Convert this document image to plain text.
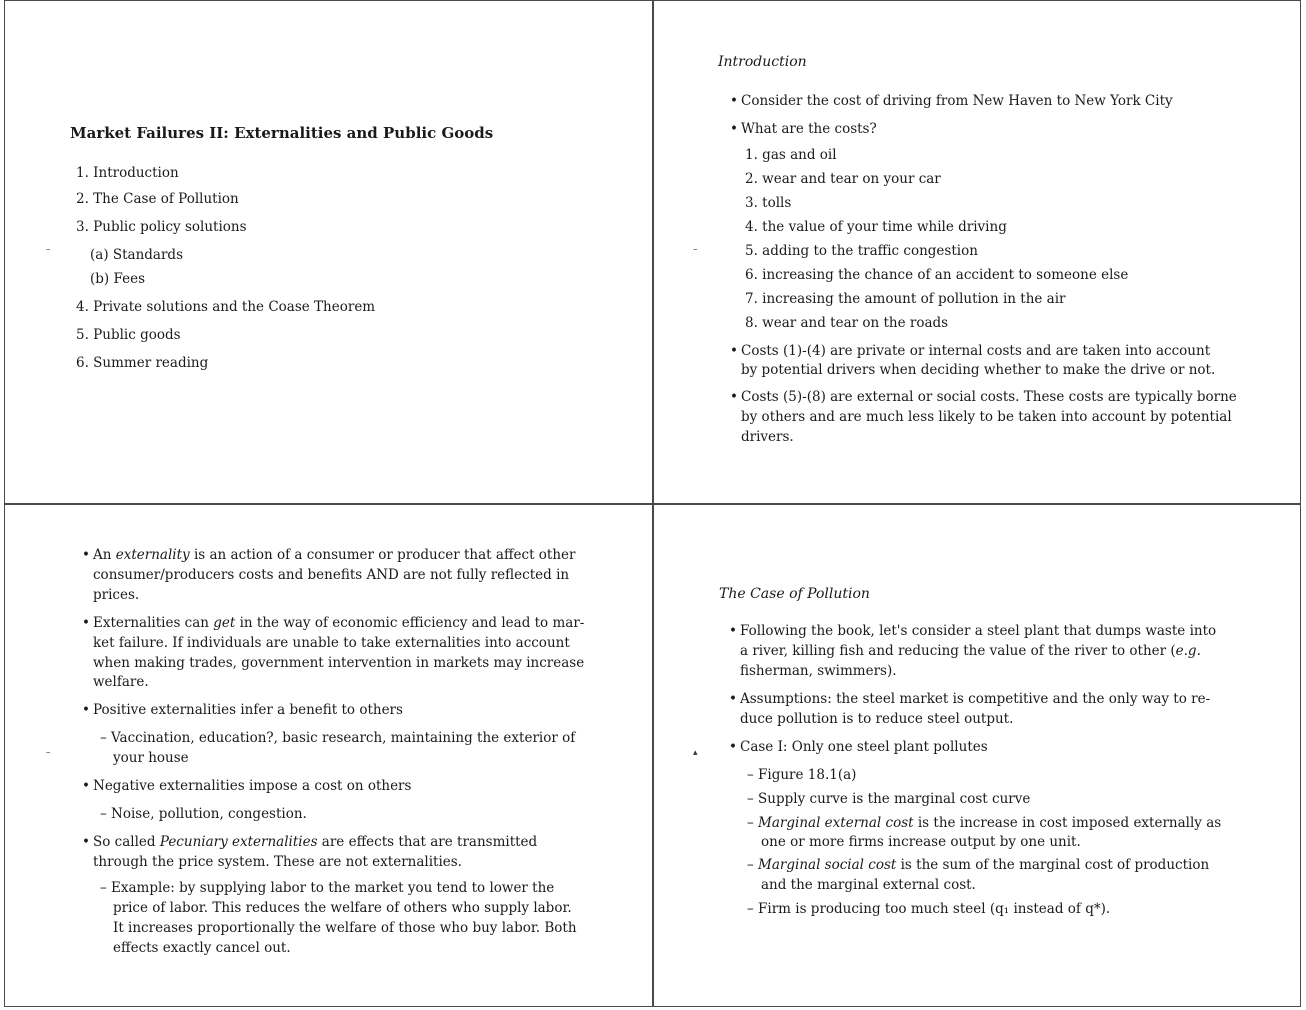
Market Failures II: Externalities and Public Goods
1. Introduction
2. The Case of Pollution
3. Public policy solutions
(a) Standards
(b) Fees
4. Private solutions and the Coase Theorem
5. Public goods
6. Summer reading
–
Introduction
• Consider the cost of driving from New Haven to New York City
• What are the costs?
1. gas and oil
2. wear and tear on your car
3. tolls
4. the value of your time while driving
5. adding to the traffic congestion
6. increasing the chance of an accident to someone else
7. increasing the amount of pollution in the air
8. wear and tear on the roads
• Costs (1)-(4) are private or internal costs and are taken into account
by potential drivers when deciding whether to make the drive or not.
• Costs (5)-(8) are external or social costs. These costs are typically borne
by others and are much less likely to be taken into account by potential
drivers.
–
• An externality is an action of a consumer or producer that affect other
consumer/producers costs and benefits AND are not fully reflected in
prices.
• Externalities can get in the way of economic efficiency and lead to mar-
ket failure. If individuals are unable to take externalities into account
when making trades, government intervention in markets may increase
welfare.
• Positive externalities infer a benefit to others
– Vaccination, education?, basic research, maintaining the exterior of
your house
• Negative externalities impose a cost on others
– Noise, pollution, congestion.
• So called Pecuniary externalities are effects that are transmitted
through the price system. These are not externalities.
– Example: by supplying labor to the market you tend to lower the
price of labor. This reduces the welfare of others who supply labor.
It increases proportionally the welfare of those who buy labor. Both
effects exactly cancel out.
–
The Case of Pollution
• Following the book, let's consider a steel plant that dumps waste into
a river, killing fish and reducing the value of the river to other (e.g.
fisherman, swimmers).
• Assumptions: the steel market is competitive and the only way to re-
duce pollution is to reduce steel output.
• Case I: Only one steel plant pollutes
– Figure 18.1(a)
– Supply curve is the marginal cost curve
– Marginal external cost is the increase in cost imposed externally as
one or more firms increase output by one unit.
– Marginal social cost is the sum of the marginal cost of production
and the marginal external cost.
– Firm is producing too much steel (q₁ instead of q*).
▴
